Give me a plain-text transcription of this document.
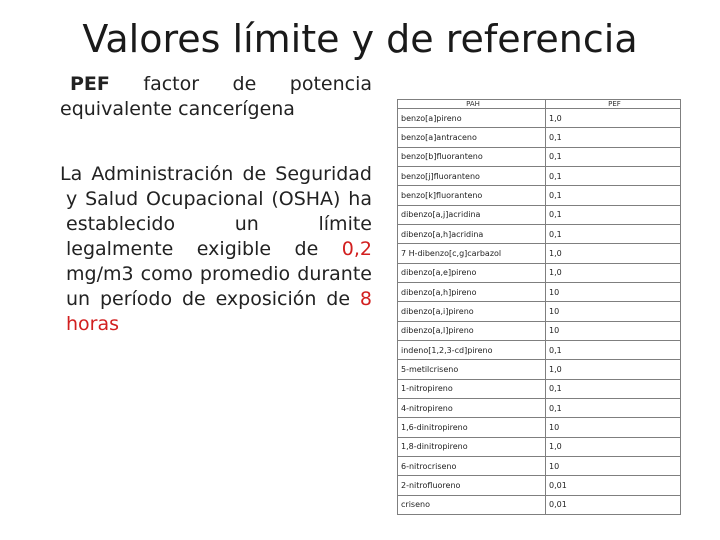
Valores límite y de referencia

PEF factor de potencia equivalente cancerígena

La Administración de Seguridad y Salud Ocupacional (OSHA) ha establecido un límite legalmente exigible de 0,2 mg/m3 como promedio durante un período de exposición de 8 horas

PAH	PEF
benzo[a]pireno	1,0
benzo[a]antraceno	0,1
benzo[b]fluoranteno	0,1
benzo[j]fluoranteno	0,1
benzo[k]fluoranteno	0,1
dibenzo[a,j]acridina	0,1
dibenzo[a,h]acridina	0,1
7 H-dibenzo[c,g]carbazol	1,0
dibenzo[a,e]pireno	1,0
dibenzo[a,h]pireno	10
dibenzo[a,i]pireno	10
dibenzo[a,l]pireno	10
indeno[1,2,3-cd]pireno	0,1
5-metilcriseno	1,0
1-nitropireno	0,1
4-nitropireno	0,1
1,6-dinitropireno	10
1,8-dinitropireno	1,0
6-nitrocriseno	10
2-nitrofluoreno	0,01
criseno	0,01
